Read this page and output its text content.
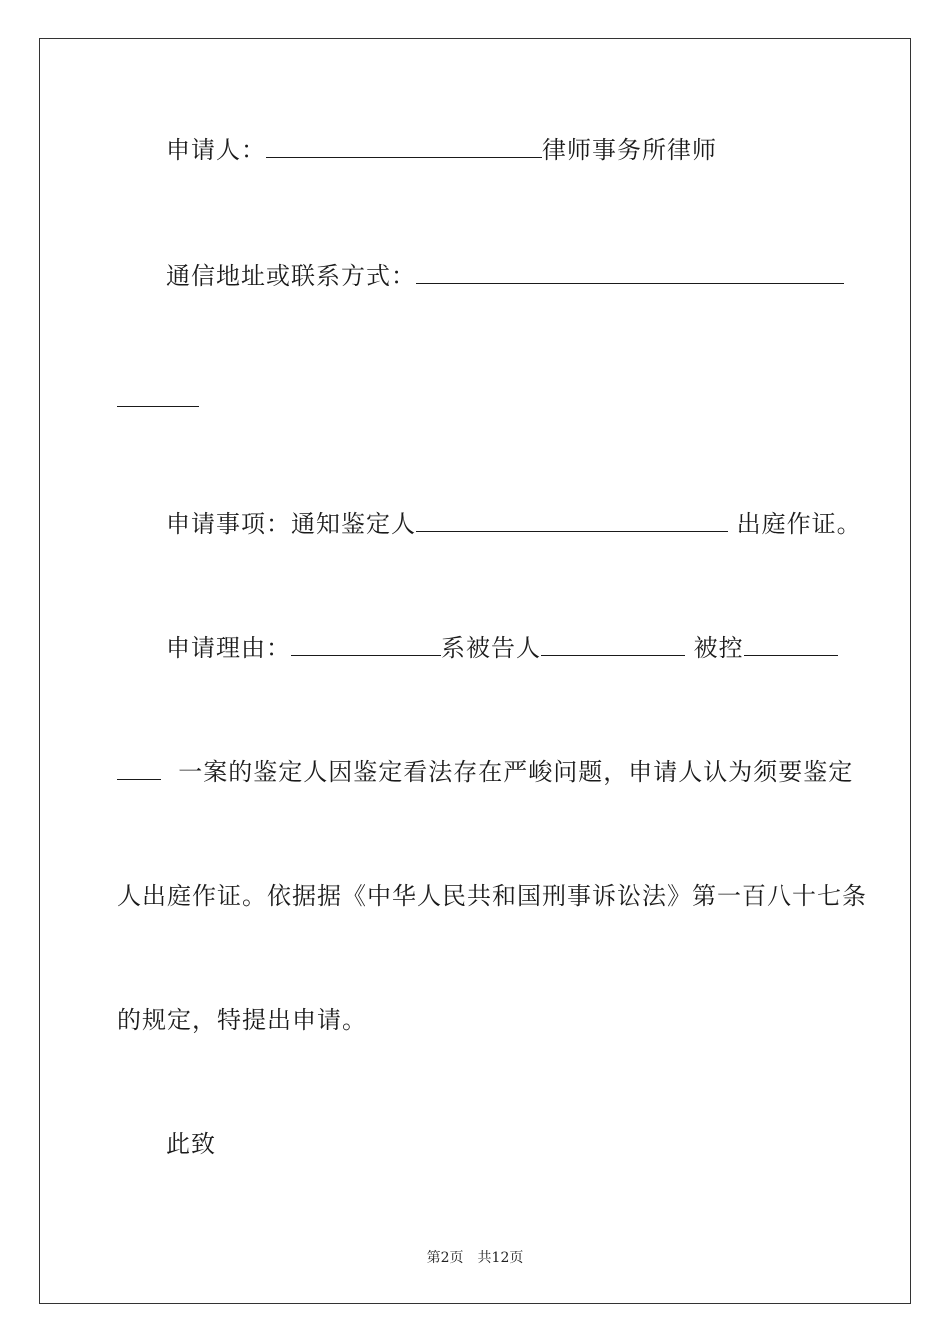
申请人：	律师事务所律师
通信地址或联系方式：
申请事项：通知鉴定人	出庭作证。
申请理由：	系被告人	被控
一案的鉴定人因鉴定看法存在严峻问题，申请人认为须要鉴定
人出庭作证。依据据《中华人民共和国刑事诉讼法》第一百八十七条
的规定，特提出申请。
此致
第2页 共12页
